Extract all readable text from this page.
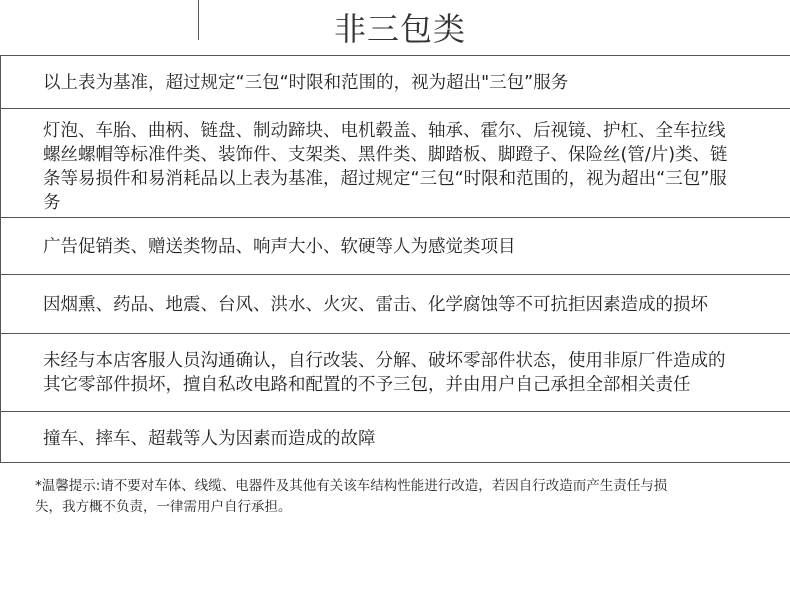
非三包类
以上表为基准，超过规定“三包“时限和范围的，视为超出"三包”服务
灯泡、车胎、曲柄、链盘、制动蹄块、电机毂盖、轴承、霍尔、后视镜、护杠、全车拉线螺丝螺帽等标准件类、装饰件、支架类、黑件类、脚踏板、脚蹬子、保险丝(管/片)类、链条等易损件和易消耗品以上表为基准，超过规定“三包“时限和范围的，视为超出“三包”服务
广告促销类、赠送类物品、响声大小、软硬等人为感觉类项目
因烟熏、药品、地震、台风、洪水、火灾、雷击、化学腐蚀等不可抗拒因素造成的损坏
未经与本店客服人员沟通确认，自行改装、分解、破坏零部件状态，使用非原厂件造成的其它零部件损坏，擅自私改电路和配置的不予三包，并由用户自己承担全部相关责任
撞车、摔车、超载等人为因素而造成的故障
*温馨提示:请不要对车体、线缆、电器件及其他有关该车结构性能进行改造，若因自行改造而产生责任与损失，我方概不负责，一律需用户自行承担。
